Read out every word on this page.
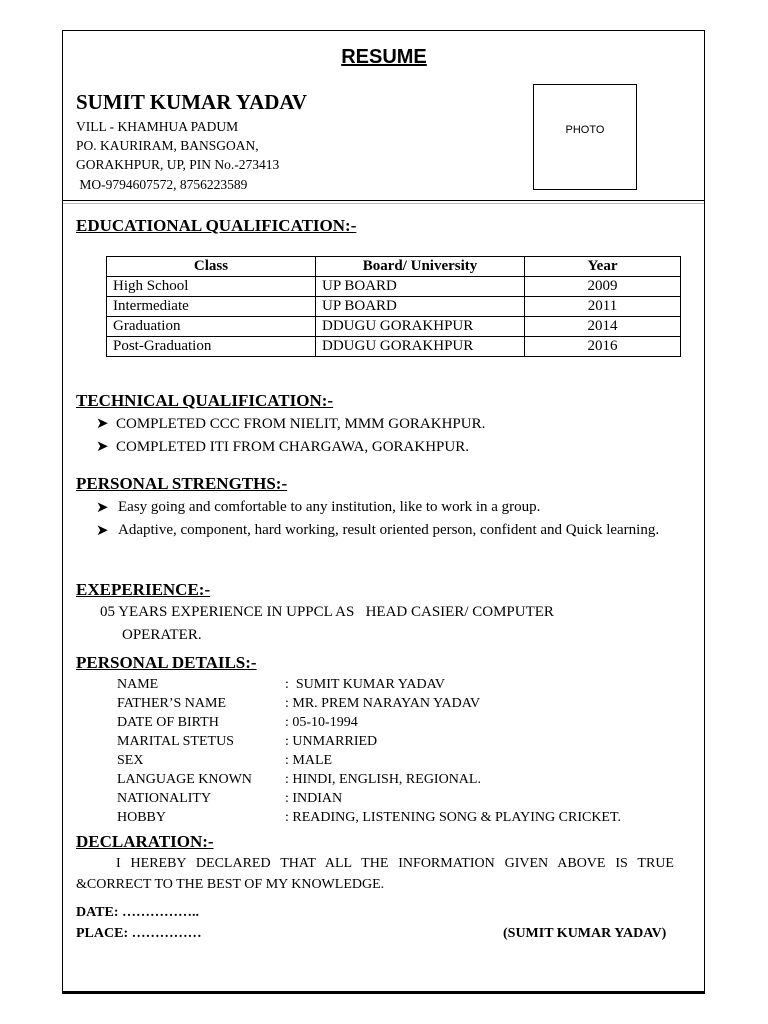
RESUME
SUMIT KUMAR YADAV
VILL - KHAMHUA PADUM
PO. KAURIRAM, BANSGOAN,
GORAKHPUR, UP, PIN No.-273413
MO-9794607572, 8756223589
PHOTO
EDUCATIONAL QUALIFICATION:-
Class	Board/ University	Year
High School	UP BOARD	2009
Intermediate	UP BOARD	2011
Graduation	DDUGU GORAKHPUR	2014
Post-Graduation	DDUGU GORAKHPUR	2016
TECHNICAL QUALIFICATION:-
➤ COMPLETED CCC FROM NIELIT, MMM GORAKHPUR.
➤ COMPLETED ITI FROM CHARGAWA, GORAKHPUR.
PERSONAL STRENGTHS:-
➤ Easy going and comfortable to any institution, like to work in a group.
➤ Adaptive, component, hard working, result oriented person, confident and Quick learning.
EXEPERIENCE:-
05 YEARS EXPERIENCE IN UPPCL AS   HEAD CASIER/ COMPUTER
OPERATER.
PERSONAL DETAILS:-
NAME	:  SUMIT KUMAR YADAV
FATHER’S NAME	: MR. PREM NARAYAN YADAV
DATE OF BIRTH	: 05-10-1994
MARITAL STETUS	: UNMARRIED
SEX	: MALE
LANGUAGE KNOWN : HINDI, ENGLISH, REGIONAL.
NATIONALITY	: INDIAN
HOBBY	: READING, LISTENING SONG & PLAYING CRICKET.
DECLARATION:-
I HEREBY DECLARED THAT ALL THE INFORMATION GIVEN ABOVE IS TRUE &CORRECT TO THE BEST OF MY KNOWLEDGE.
DATE: ……………..
PLACE: ……………	(SUMIT KUMAR YADAV)
